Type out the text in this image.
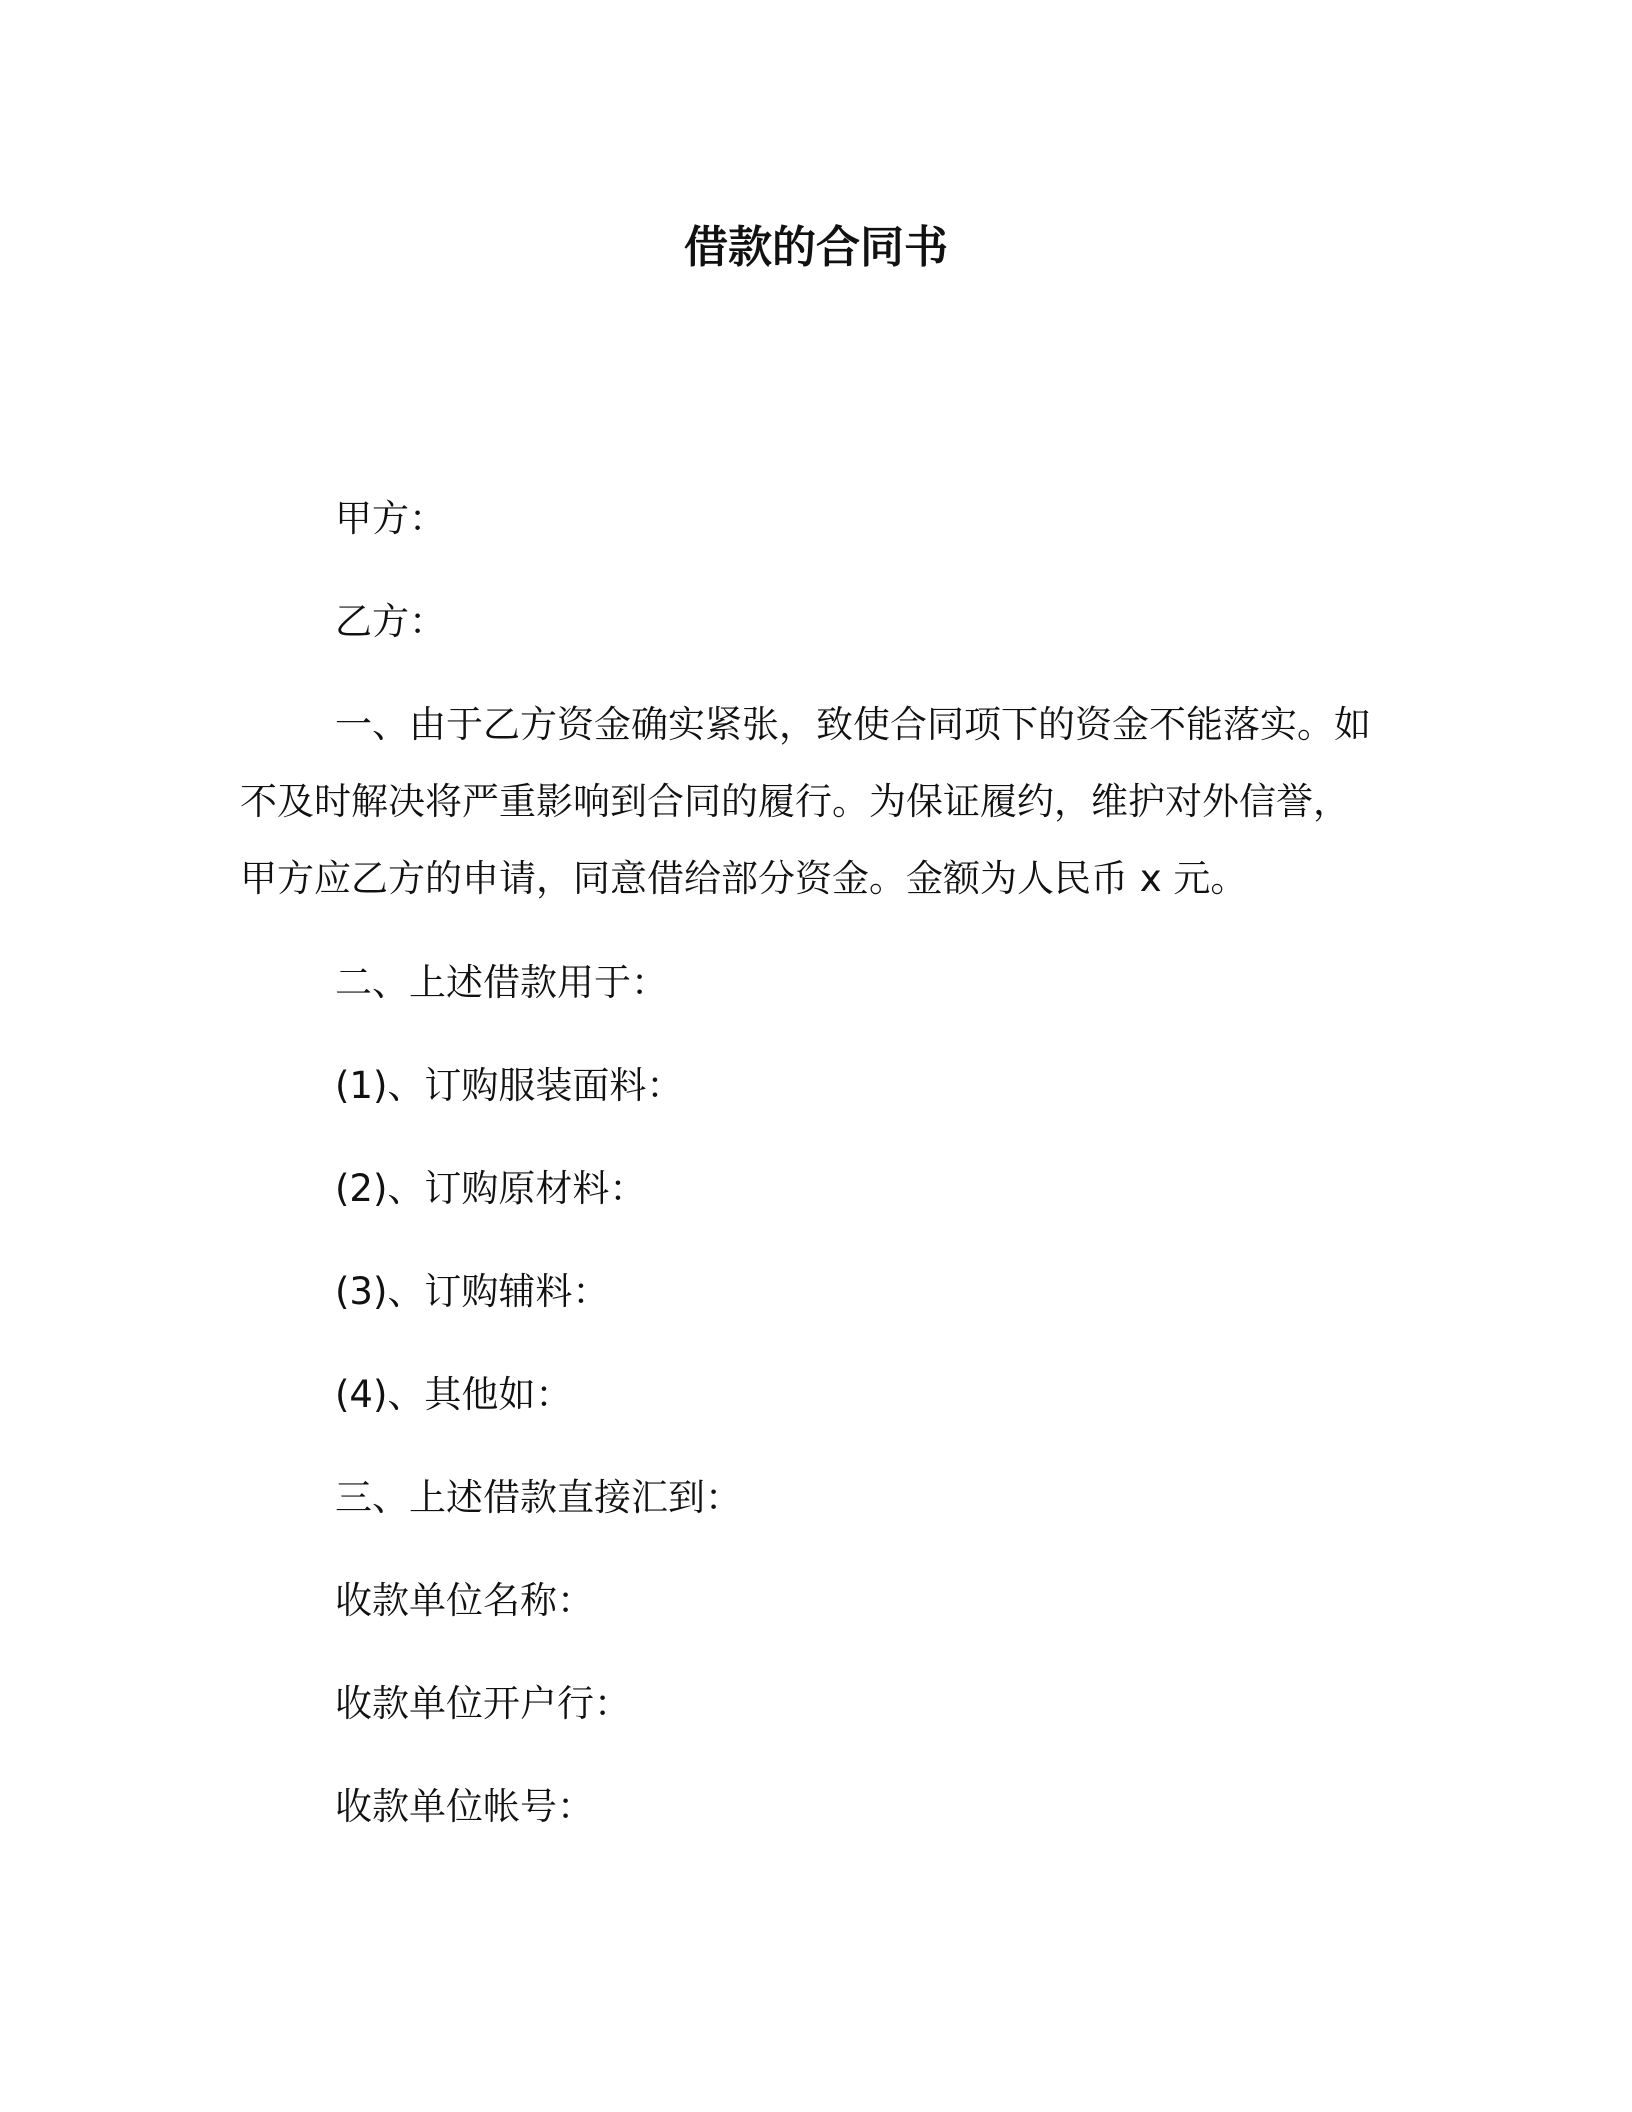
借款的合同书

甲方：

乙方：

一、由于乙方资金确实紧张，致使合同项下的资金不能落实。如
不及时解决将严重影响到合同的履行。为保证履约，维护对外信誉，
甲方应乙方的申请，同意借给部分资金。金额为人民币 x 元。

二、上述借款用于：

(1)、订购服装面料：

(2)、订购原材料：

(3)、订购辅料：

(4)、其他如：

三、上述借款直接汇到：

收款单位名称：

收款单位开户行：

收款单位帐号：
